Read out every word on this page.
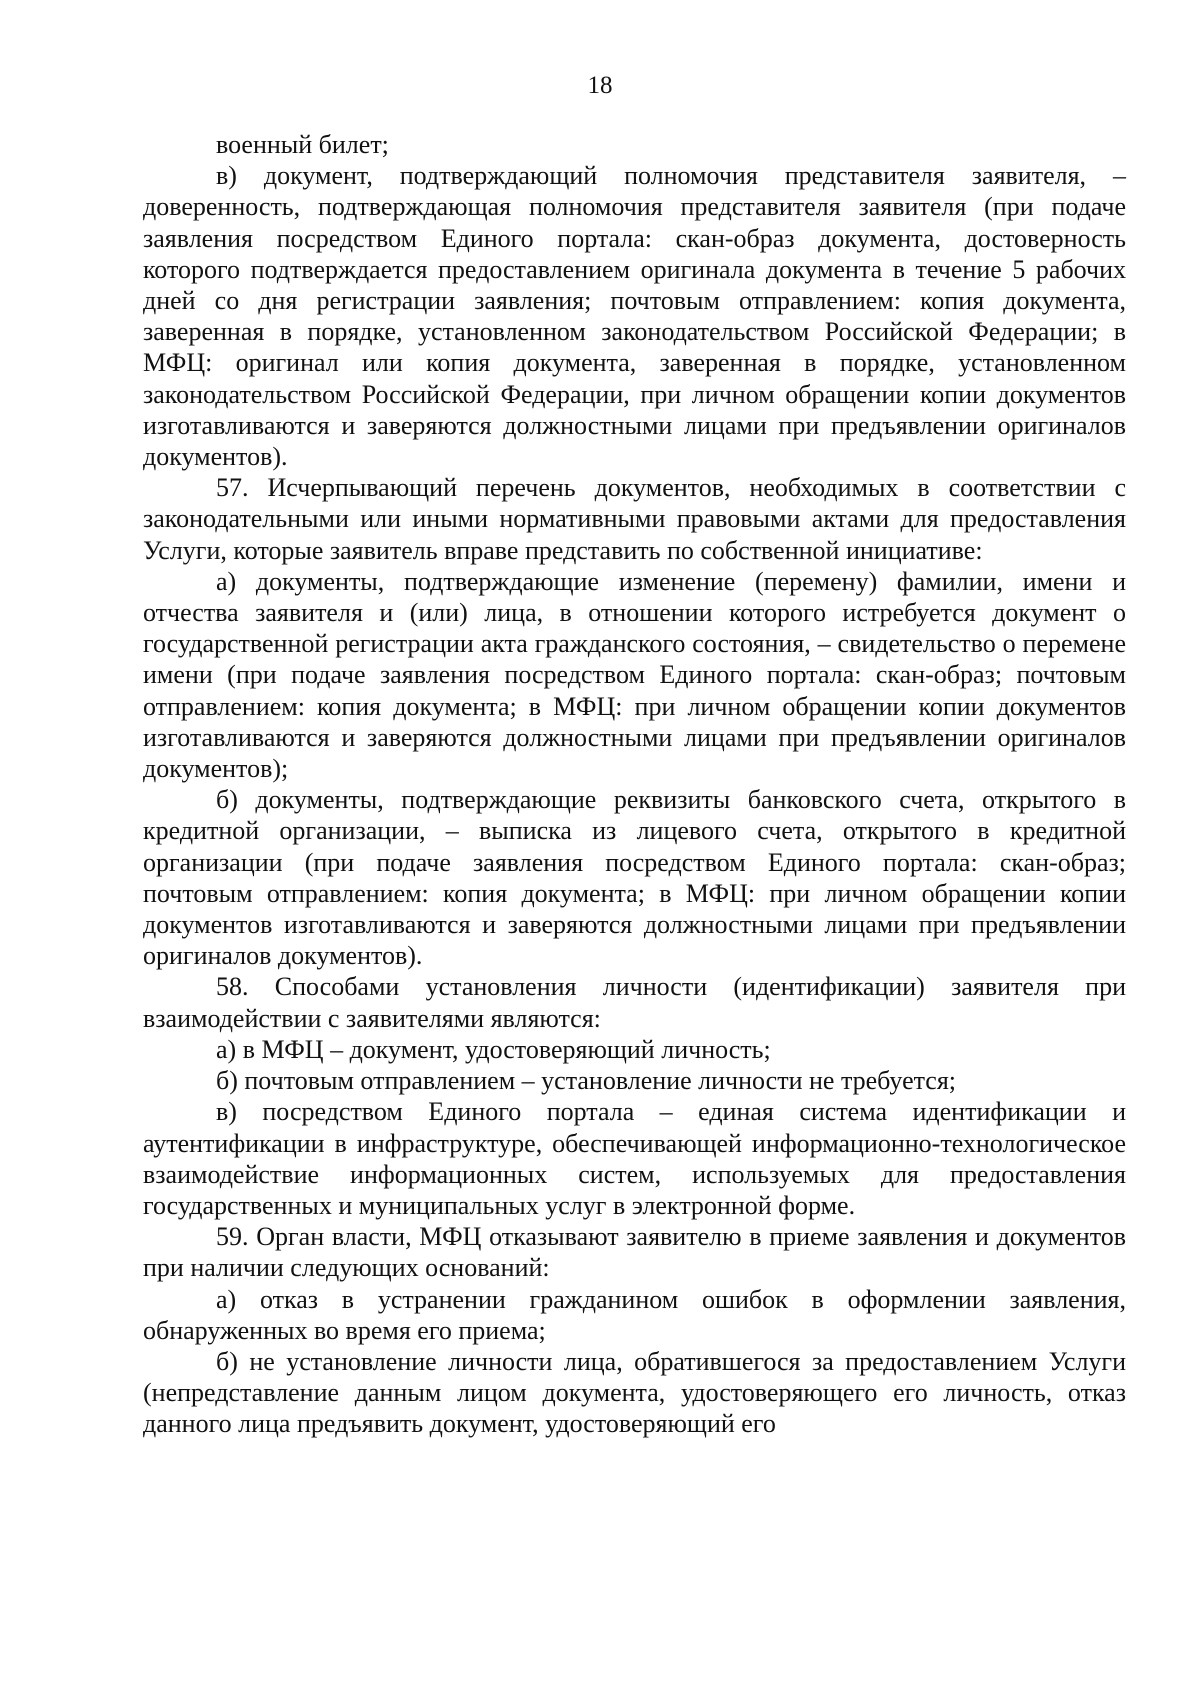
18

военный билет;

в) документ, подтверждающий полномочия представителя заявителя, – доверенность, подтверждающая полномочия представителя заявителя (при подаче заявления посредством Единого портала: скан-образ документа, достоверность которого подтверждается предоставлением оригинала документа в течение 5 рабочих дней со дня регистрации заявления; почтовым отправлением: копия документа, заверенная в порядке, установленном законодательством Российской Федерации; в МФЦ: оригинал или копия документа, заверенная в порядке, установленном законодательством Российской Федерации, при личном обращении копии документов изготавливаются и заверяются должностными лицами при предъявлении оригиналов документов).

57. Исчерпывающий перечень документов, необходимых в соответствии с законодательными или иными нормативными правовыми актами для предоставления Услуги, которые заявитель вправе представить по собственной инициативе:

а) документы, подтверждающие изменение (перемену) фамилии, имени и отчества заявителя и (или) лица, в отношении которого истребуется документ о государственной регистрации акта гражданского состояния, – свидетельство о перемене имени (при подаче заявления посредством Единого портала: скан-образ; почтовым отправлением: копия документа; в МФЦ: при личном обращении копии документов изготавливаются и заверяются должностными лицами при предъявлении оригиналов документов);

б) документы, подтверждающие реквизиты банковского счета, открытого в кредитной организации, – выписка из лицевого счета, открытого в кредитной организации (при подаче заявления посредством Единого портала: скан-образ; почтовым отправлением: копия документа; в МФЦ: при личном обращении копии документов изготавливаются и заверяются должностными лицами при предъявлении оригиналов документов).

58. Способами установления личности (идентификации) заявителя при взаимодействии с заявителями являются:

а) в МФЦ – документ, удостоверяющий личность;

б) почтовым отправлением – установление личности не требуется;

в) посредством Единого портала – единая система идентификации и аутентификации в инфраструктуре, обеспечивающей информационно-технологическое взаимодействие информационных систем, используемых для предоставления государственных и муниципальных услуг в электронной форме.

59. Орган власти, МФЦ отказывают заявителю в приеме заявления и документов при наличии следующих оснований:

а) отказ в устранении гражданином ошибок в оформлении заявления, обнаруженных во время его приема;

б) не установление личности лица, обратившегося за предоставлением Услуги (непредставление данным лицом документа, удостоверяющего его личность, отказ данного лица предъявить документ, удостоверяющий его
